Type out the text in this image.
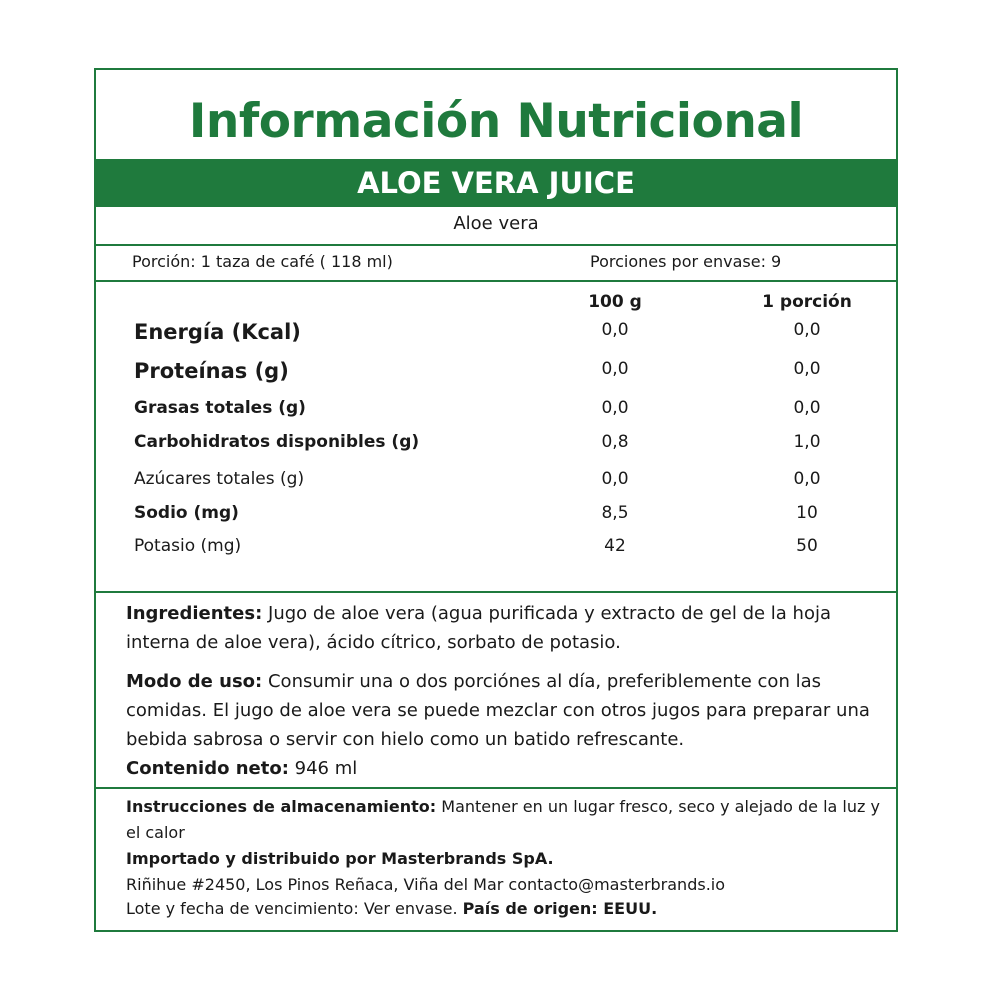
Información Nutricional
ALOE VERA JUICE
Aloe vera
Porción: 1 taza de café ( 118 ml)	Porciones por envase: 9
100 g	1 porción
Energía (Kcal)	0,0	0,0
Proteínas (g)	0,0	0,0
Grasas totales (g)	0,0	0,0
Carbohidratos disponibles (g)	0,8	1,0
Azúcares totales (g)	0,0	0,0
Sodio (mg)	8,5	10
Potasio (mg)	42	50
Ingredientes: Jugo de aloe vera (agua purificada y extracto de gel de la hoja interna de aloe vera), ácido cítrico, sorbato de potasio.
Modo de uso: Consumir una o dos porciónes al día, preferiblemente con las comidas. El jugo de aloe vera se puede mezclar con otros jugos para preparar una bebida sabrosa o servir con hielo como un batido refrescante.
Contenido neto: 946 ml
Instrucciones de almacenamiento: Mantener en un lugar fresco, seco y alejado de la luz y el calor
Importado y distribuido por Masterbrands SpA.
Riñihue #2450, Los Pinos Reñaca, Viña del Mar contacto@masterbrands.io
Lote y fecha de vencimiento: Ver envase. País de origen: EEUU.
